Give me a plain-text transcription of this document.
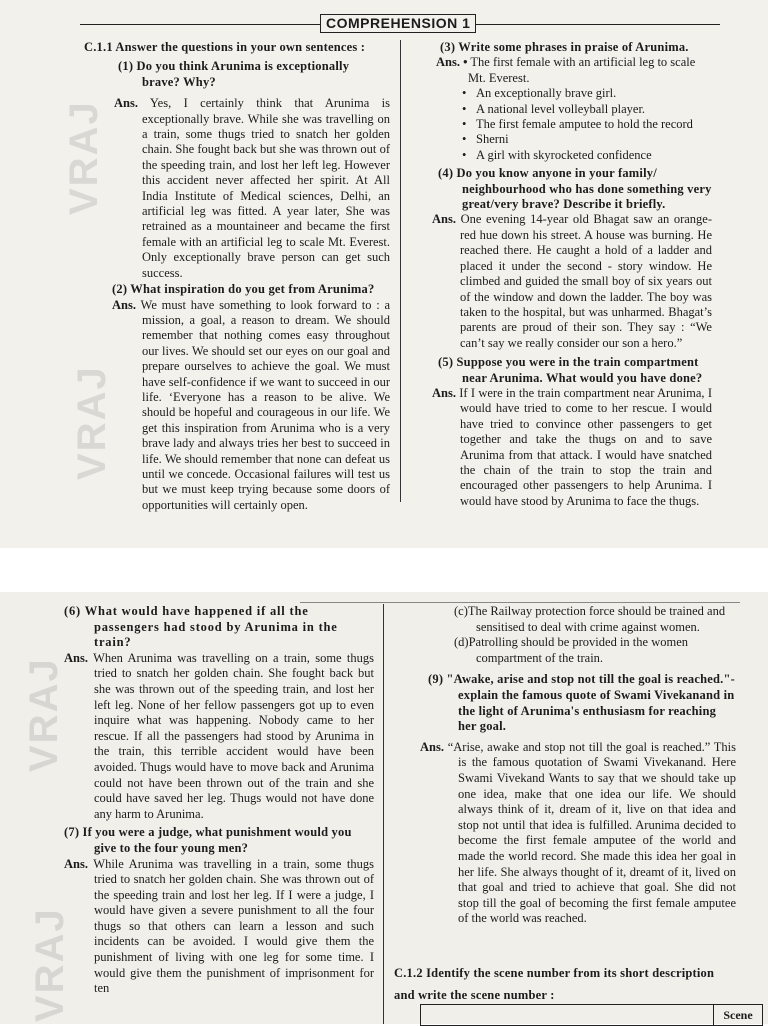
VRAJ
VRAJ
COMPREHENSION 1

C.1.1 Answer the questions in your own sentences :

(1) Do you think Arunima is exceptionally brave? Why?

Ans. Yes, I certainly think that Arunima is exceptionally brave. While she was travelling on a train, some thugs tried to snatch her golden chain. She fought back but she was thrown out of the speeding train, and lost her left leg. However this accident never affected her spirit. At All India Institute of Medical sciences, Delhi, an artificial leg was fitted. A year later, She was retrained as a mountaineer and became the first female with an artificial leg to scale Mt. Everest. Only exceptionally brave person can get such success.

(2) What inspiration do you get from Arunima?

Ans. We must have something to look forward to : a mission, a goal, a reason to dream. We should remember that nothing comes easy throughout our lives. We should set our eyes on our goal and prepare ourselves to achieve the goal. We must have self-confidence if we want to succeed in our life. ‘Everyone has a reason to be alive. We should be hopeful and courageous in our life. We get this inspiration from Arunima who is a very brave lady and always tries her best to succeed in life. We should remember that none can defeat us until we concede. Occasional failures will test us but we must keep trying because some doors of opportunities will certainly open.

(3) Write some phrases in praise of Arunima.

Ans. • The first female with an artificial leg to scale Mt. Everest.

• An exceptionally brave girl.
• A national level volleyball player.
• The first female amputee to hold the record
• Sherni
• A girl with skyrocketed confidence

(4) Do you know anyone in your family/ neighbourhood who has done something very great/very brave? Describe it briefly.

Ans. One evening 14-year old Bhagat saw an orange-red hue down his street. A house was burning. He reached there. He caught a hold of a ladder and placed it under the second - story window. He climbed and guided the small boy of six years out of the window and down the ladder. The boy was taken to the hospital, but was unharmed. Bhagat’s parents are proud of their son. They say : “We can’t say we really consider our son a hero.”

(5) Suppose you were in the train compartment near Arunima. What would you have done?

Ans. If I were in the train compartment near Arunima, I would have tried to come to her rescue. I would have tried to convince other passengers to get together and take the thugs on and to save Arunima from that attack. I would have snatched the chain of the train to stop the train and encouraged other passengers to help Arunima. I would have stood by Arunima to face the thugs.

VRAJ
VRAJ

(6) What would have happened if all the passengers had stood by Arunima in the train?

Ans. When Arunima was travelling on a train, some thugs tried to snatch her golden chain. She fought back but she was thrown out of the speeding train, and lost her left leg. None of her fellow passengers got up to even inquire what was happening. Nobody came to her rescue. If all the passengers had stood by Arunima in the train, this terrible accident would have been avoided. Thugs would have to move back and Arunima could not have been thrown out of the train and she could have saved her leg. Thugs would not have done any harm to Arunima.

(7) If you were a judge, what punishment would you give to the four young men?

Ans. While Arunima was travelling in a train, some thugs tried to snatch her golden chain. She was thrown out of the speeding train and lost her leg. If I were a judge, I would have given a severe punishment to all the four thugs so that others can learn a lesson and such incidents can be avoided. I would give them the punishment of living with one leg for some time. I would give them the punishment of imprisonment for ten

(c)The Railway protection force should be trained and sensitised to deal with crime against women.

(d)Patrolling should be provided in the women compartment of the train.

(9) "Awake, arise and stop not till the goal is reached."- explain the famous quote of Swami Vivekanand in the light of Arunima's enthusiasm for reaching her goal.

Ans. “Arise, awake and stop not till the goal is reached.” This is the famous quotation of Swami Vivekanand. Here Swami Vivekand Wants to say that we should take up one idea, make that one idea our life. We should always think of it, dream of it, live on that idea and stop not until that idea is fulfilled. Arunima decided to become the first female amputee of the world and made the world record. She made this idea her goal in her life. She always thought of it, dreamt of it, lived on that goal and tried to achieve that goal. She did not stop till the goal of becoming the first female amputee of the world was reached.

C.1.2 Identify the scene number from its short description and write the scene number :
	Scene
